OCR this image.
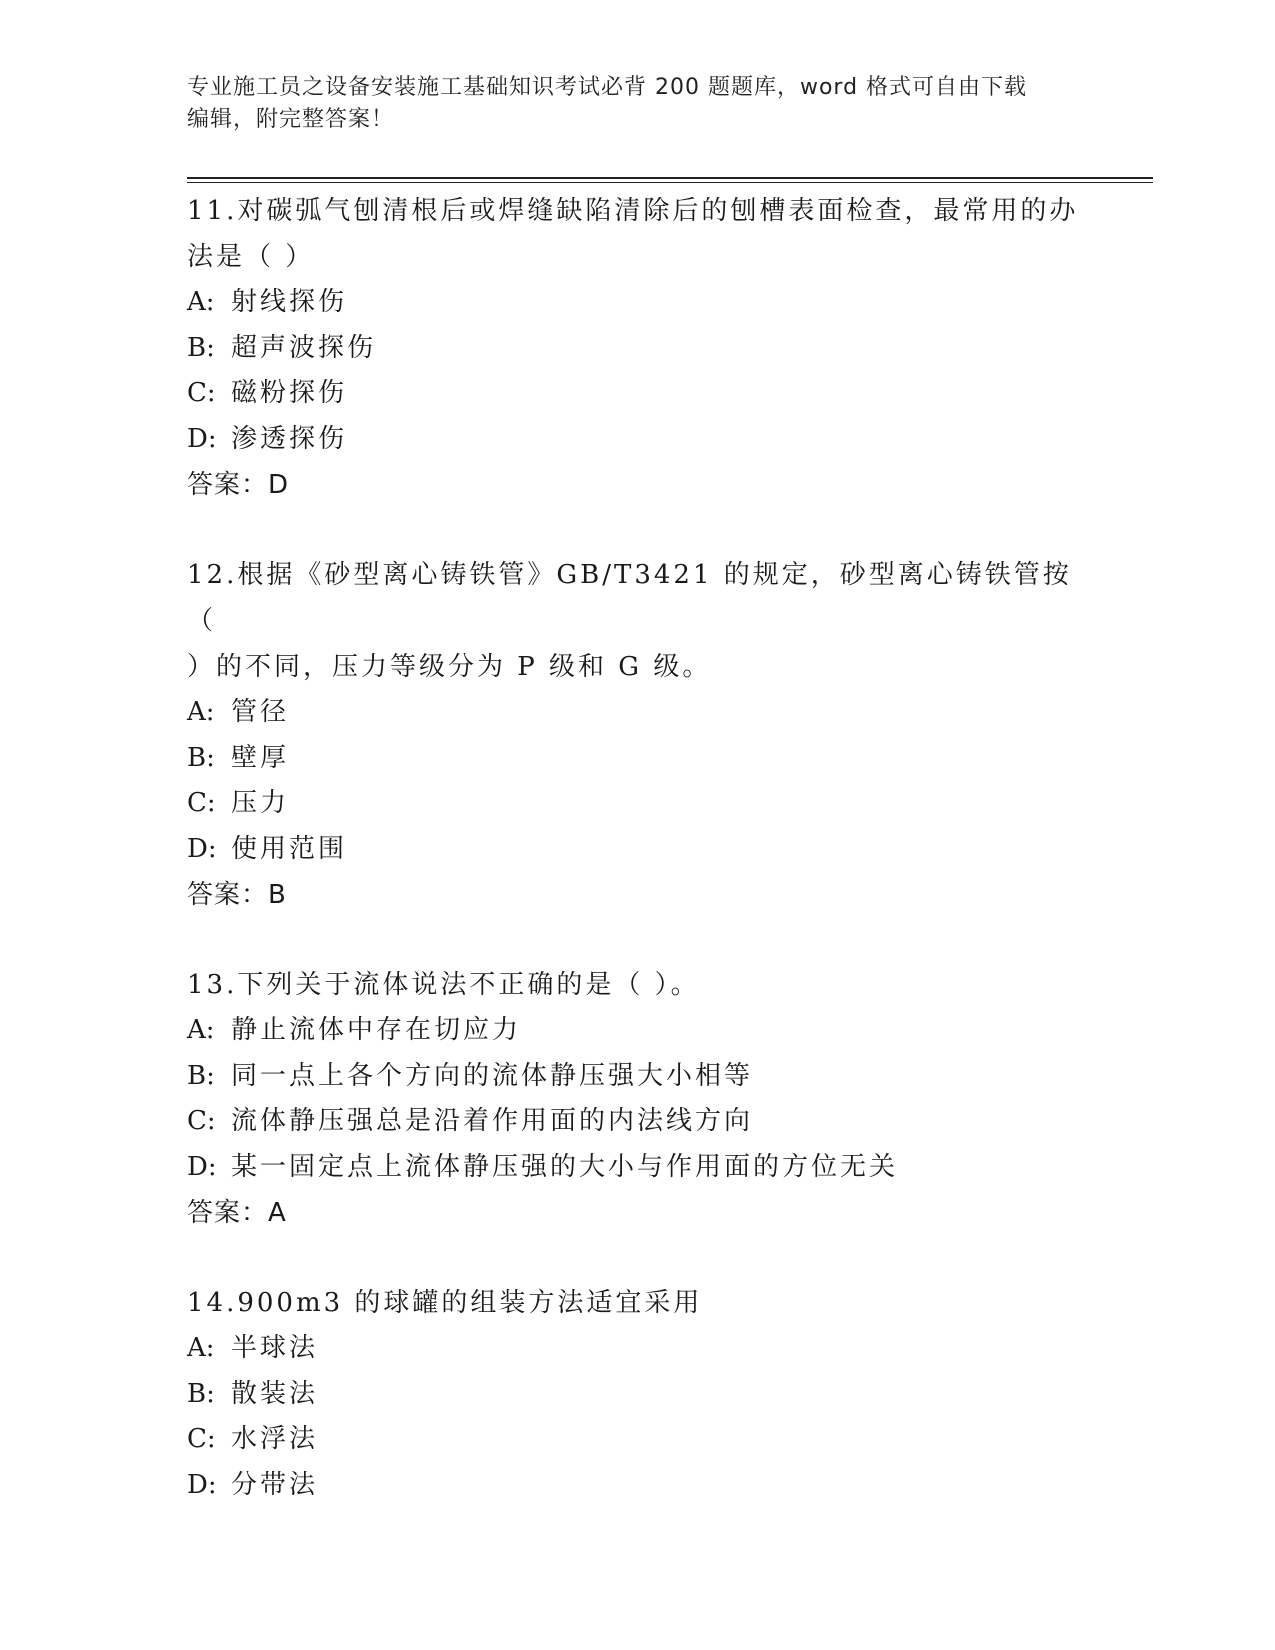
专业施工员之设备安装施工基础知识考试必背 200 题题库，word 格式可自由下载
编辑，附完整答案！
11.对碳弧气刨清根后或焊缝缺陷清除后的刨槽表面检查，最常用的办
法是（ ）
A: 射线探伤
B: 超声波探伤
C: 磁粉探伤
D: 渗透探伤
答案：D
12.根据《砂型离心铸铁管》GB/T3421 的规定，砂型离心铸铁管按（
）的不同，压力等级分为 P 级和 G 级。
A: 管径
B: 壁厚
C: 压力
D: 使用范围
答案：B
13.下列关于流体说法不正确的是（ ）。
A: 静止流体中存在切应力
B: 同一点上各个方向的流体静压强大小相等
C: 流体静压强总是沿着作用面的内法线方向
D: 某一固定点上流体静压强的大小与作用面的方位无关
答案：A
14.900m3 的球罐的组装方法适宜采用
A: 半球法
B: 散装法
C: 水浮法
D: 分带法
